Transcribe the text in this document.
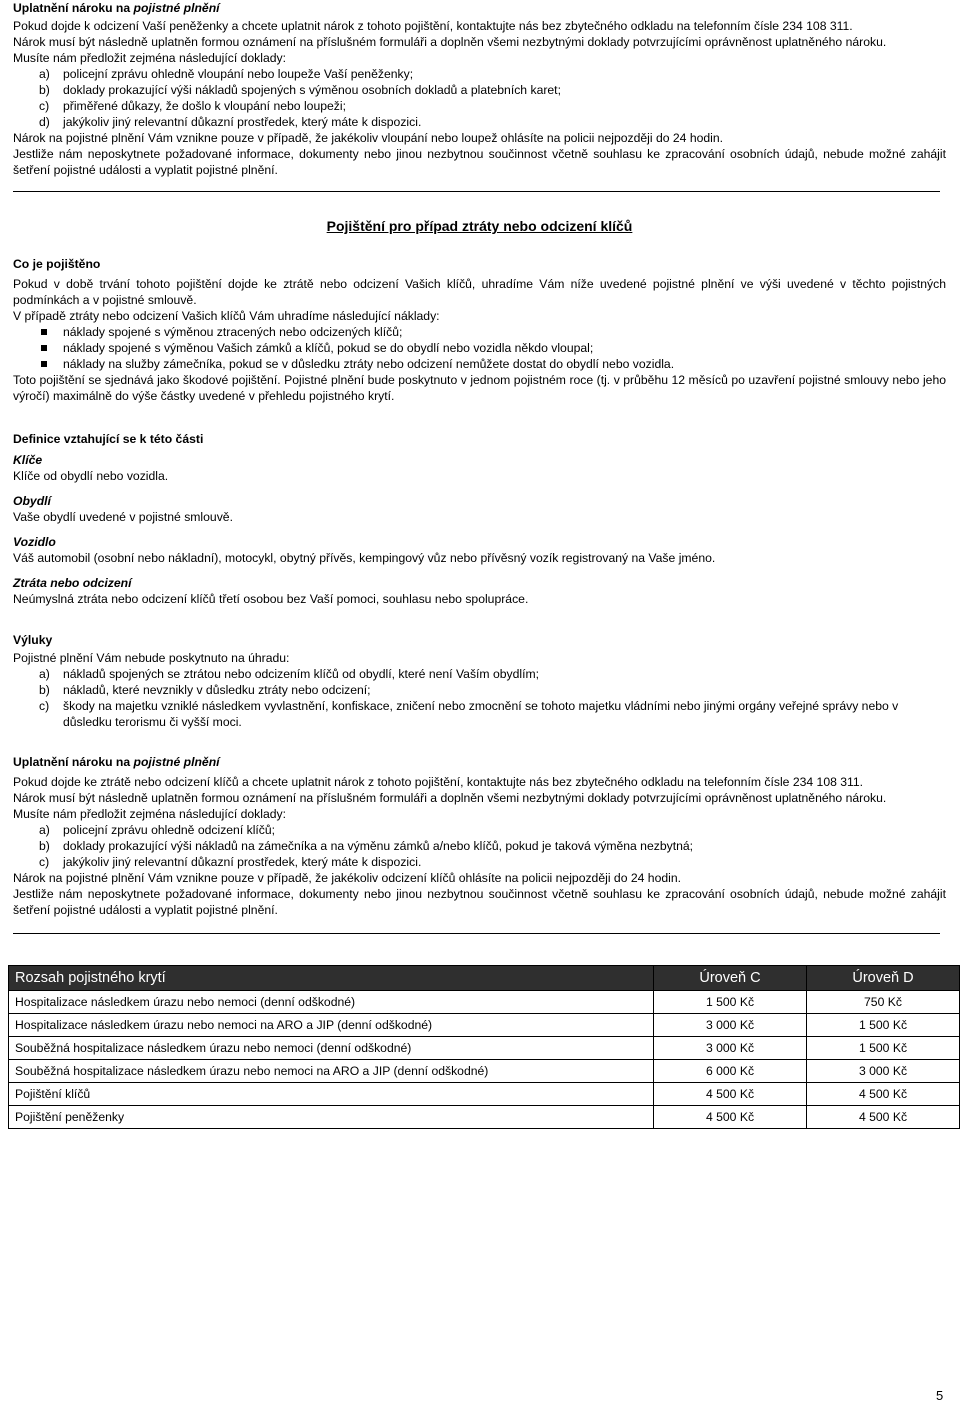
Uplatnění nároku na pojistné plnění

Pokud dojde k odcizení Vaší peněženky a chcete uplatnit nárok z tohoto pojištění, kontaktujte nás bez zbytečného odkladu na telefonním čísle 234 108 311.

Nárok musí být následně uplatněn formou oznámení na příslušném formuláři a doplněn všemi nezbytnými doklady potvrzujícími oprávněnost uplatněného nároku.

Musíte nám předložit zejména následující doklady:

a) policejní zprávu ohledně vloupání nebo loupeže Vaší peněženky;
b) doklady prokazující výši nákladů spojených s výměnou osobních dokladů a platebních karet;
c) přiměřené důkazy, že došlo k vloupání nebo loupeži;
d) jakýkoliv jiný relevantní důkazní prostředek, který máte k dispozici.

Nárok na pojistné plnění Vám vznikne pouze v případě, že jakékoliv vloupání nebo loupež ohlásíte na policii nejpozději do 24 hodin.

Jestliže nám neposkytnete požadované informace, dokumenty nebo jinou nezbytnou součinnost včetně souhlasu ke zpracování osobních údajů, nebude možné zahájit šetření pojistné události a vyplatit pojistné plnění.

Pojištění pro případ ztráty nebo odcizení klíčů

Co je pojištěno

Pokud v době trvání tohoto pojištění dojde ke ztrátě nebo odcizení Vašich klíčů, uhradíme Vám níže uvedené pojistné plnění ve výši uvedené v těchto pojistných podmínkách a v pojistné smlouvě.

V případě ztráty nebo odcizení Vašich klíčů Vám uhradíme následující náklady:

náklady spojené s výměnou ztracených nebo odcizených klíčů;
náklady spojené s výměnou Vašich zámků a klíčů, pokud se do obydlí nebo vozidla někdo vloupal;
náklady na služby zámečníka, pokud se v důsledku ztráty nebo odcizení nemůžete dostat do obydlí nebo vozidla.

Toto pojištění se sjednává jako škodové pojištění. Pojistné plnění bude poskytnuto v jednom pojistném roce (tj. v průběhu 12 měsíců po uzavření pojistné smlouvy nebo jeho výročí) maximálně do výše částky uvedené v přehledu pojistného krytí.

Definice vztahující se k této části

Klíče

Klíče od obydlí nebo vozidla.

Obydlí

Vaše obydlí uvedené v pojistné smlouvě.

Vozidlo

Váš automobil (osobní nebo nákladní), motocykl, obytný přívěs, kempingový vůz nebo přívěsný vozík registrovaný na Vaše jméno.

Ztráta nebo odcizení

Neúmyslná ztráta nebo odcizení klíčů třetí osobou bez Vaší pomoci, souhlasu nebo spolupráce.

Výluky

Pojistné plnění Vám nebude poskytnuto na úhradu:

a) nákladů spojených se ztrátou nebo odcizením klíčů od obydlí, které není Vaším obydlím;
b) nákladů, které nevznikly v důsledku ztráty nebo odcizení;
c) škody na majetku vzniklé následkem vyvlastnění, konfiskace, zničení nebo zmocnění se tohoto majetku vládními nebo jinými orgány veřejné správy nebo v důsledku terorismu či vyšší moci.

Uplatnění nároku na pojistné plnění

Pokud dojde ke ztrátě nebo odcizení klíčů a chcete uplatnit nárok z tohoto pojištění, kontaktujte nás bez zbytečného odkladu na telefonním čísle 234 108 311.

Nárok musí být následně uplatněn formou oznámení na příslušném formuláři a doplněn všemi nezbytnými doklady potvrzujícími oprávněnost uplatněného nároku.

Musíte nám předložit zejména následující doklady:

a) policejní zprávu ohledně odcizení klíčů;
b) doklady prokazující výši nákladů na zámečníka a na výměnu zámků a/nebo klíčů, pokud je taková výměna nezbytná;
c) jakýkoliv jiný relevantní důkazní prostředek, který máte k dispozici.

Nárok na pojistné plnění Vám vznikne pouze v případě, že jakékoliv odcizení klíčů ohlásíte na policii nejpozději do 24 hodin.

Jestliže nám neposkytnete požadované informace, dokumenty nebo jinou nezbytnou součinnost včetně souhlasu ke zpracování osobních údajů, nebude možné zahájit šetření pojistné události a vyplatit pojistné plnění.

Rozsah pojistného krytí	Úroveň C	Úroveň D
Hospitalizace následkem úrazu nebo nemoci (denní odškodné)	1 500 Kč	750 Kč
Hospitalizace následkem úrazu nebo nemoci na ARO a JIP (denní odškodné)	3 000 Kč	1 500 Kč
Souběžná hospitalizace následkem úrazu nebo nemoci (denní odškodné)	3 000 Kč	1 500 Kč
Souběžná hospitalizace následkem úrazu nebo nemoci na ARO a JIP (denní odškodné)	6 000 Kč	3 000 Kč
Pojištění klíčů	4 500 Kč	4 500 Kč
Pojištění peněženky	4 500 Kč	4 500 Kč
5
